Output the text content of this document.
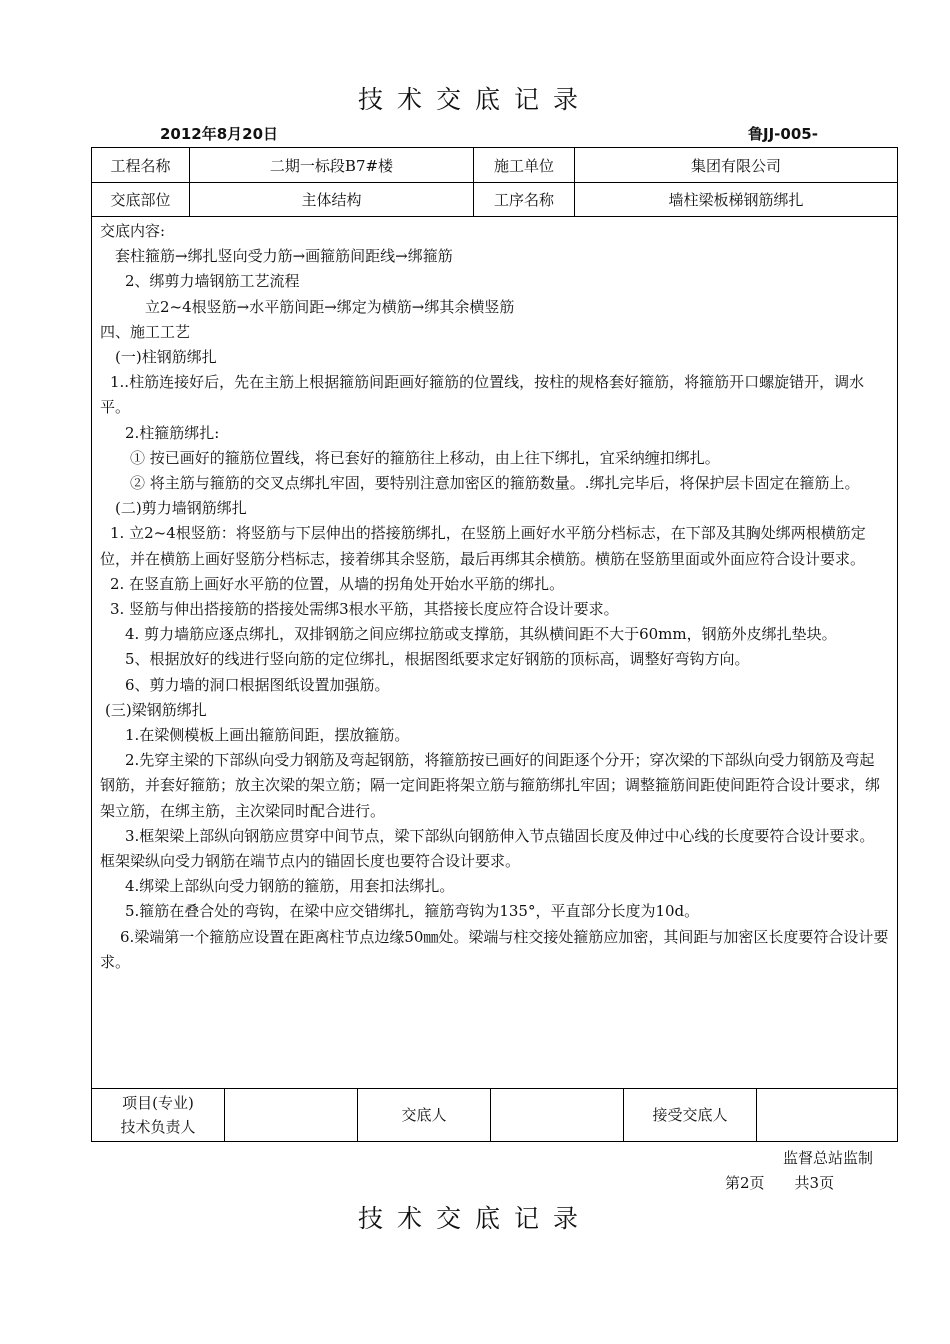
技术交底记录
2012年8月20日	鲁JJ-005-
工程名称	二期一标段B7#楼	施工单位	集团有限公司
交底部位	主体结构	工序名称	墙柱梁板梯钢筋绑扎

交底内容:

套柱箍筋→绑扎竖向受力筋→画箍筋间距线→绑箍筋

2、绑剪力墙钢筋工艺流程

立2~4根竖筋→水平筋间距→绑定为横筋→绑其余横竖筋

四、施工工艺

(一)柱钢筋绑扎

1..柱筋连接好后，先在主筋上根据箍筋间距画好箍筋的位置线，按柱的规格套好箍筋，将箍筋开口螺旋错开，调水平。

2.柱箍筋绑扎:

① 按已画好的箍筋位置线，将已套好的箍筋往上移动，由上往下绑扎，宜采纳缠扣绑扎。

② 将主筋与箍筋的交叉点绑扎牢固，要特别注意加密区的箍筋数量。.绑扎完毕后，将保护层卡固定在箍筋上。

(二)剪力墙钢筋绑扎

1. 立2~4根竖筋：将竖筋与下层伸出的搭接筋绑扎，在竖筋上画好水平筋分档标志，在下部及其胸处绑两根横筋定位，并在横筋上画好竖筋分档标志，接着绑其余竖筋，最后再绑其余横筋。横筋在竖筋里面或外面应符合设计要求。

2. 在竖直筋上画好水平筋的位置，从墙的拐角处开始水平筋的绑扎。

3. 竖筋与伸出搭接筋的搭接处需绑3根水平筋，其搭接长度应符合设计要求。

4. 剪力墙筋应逐点绑扎，双排钢筋之间应绑拉筋或支撑筋，其纵横间距不大于60mm，钢筋外皮绑扎垫块。

5、根据放好的线进行竖向筋的定位绑扎，根据图纸要求定好钢筋的顶标高，调整好弯钩方向。

6、剪力墙的洞口根据图纸设置加强筋。

(三)梁钢筋绑扎

1.在梁侧模板上画出箍筋间距，摆放箍筋。

2.先穿主梁的下部纵向受力钢筋及弯起钢筋，将箍筋按已画好的间距逐个分开；穿次梁的下部纵向受力钢筋及弯起钢筋，并套好箍筋；放主次梁的架立筋；隔一定间距将架立筋与箍筋绑扎牢固；调整箍筋间距使间距符合设计要求，绑架立筋，在绑主筋，主次梁同时配合进行。

3.框架梁上部纵向钢筋应贯穿中间节点，梁下部纵向钢筋伸入节点锚固长度及伸过中心线的长度要符合设计要求。框架梁纵向受力钢筋在端节点内的锚固长度也要符合设计要求。

4.绑梁上部纵向受力钢筋的箍筋，用套扣法绑扎。

5.箍筋在叠合处的弯钩，在梁中应交错绑扎，箍筋弯钩为135°，平直部分长度为10d。

6.梁端第一个箍筋应设置在距离柱节点边缘50㎜处。梁端与柱交接处箍筋应加密，其间距与加密区长度要符合设计要求。

项目(专业)
技术负责人
交底人	接受交底人
监督总站监制
第2页 共3页
技术交底记录
